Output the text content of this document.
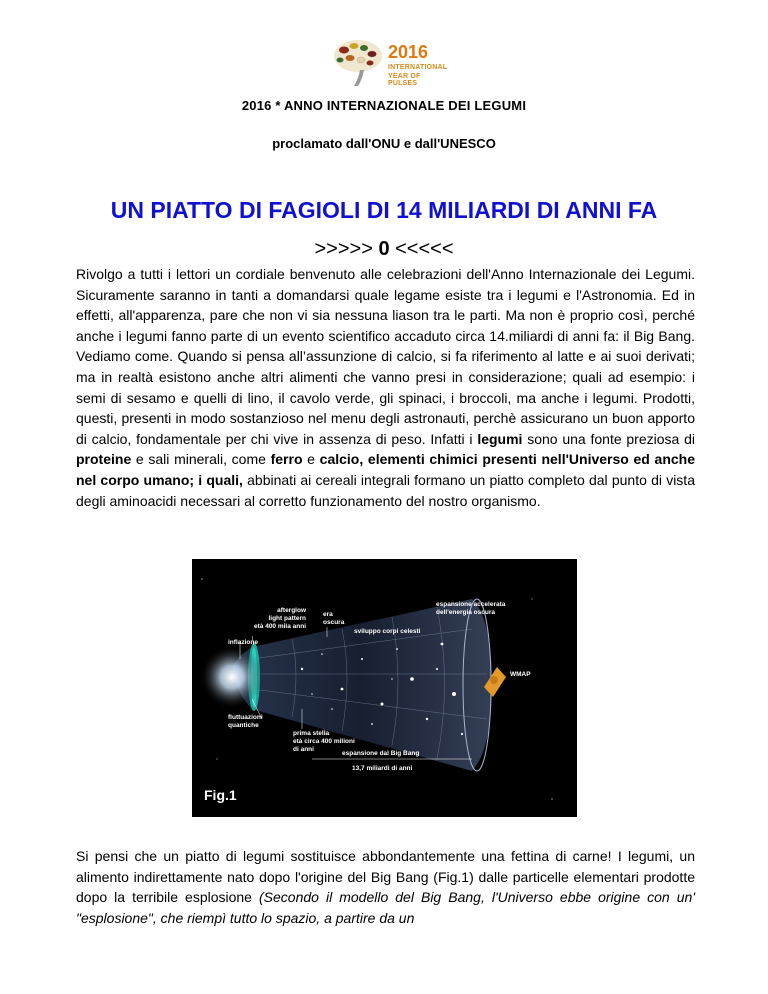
2016
INTERNATIONAL
YEAR OF PULSES
2016 * ANNO INTERNAZIONALE DEI LEGUMI
proclamato dall'ONU e dall'UNESCO
UN PIATTO DI FAGIOLI DI 14 MILIARDI DI ANNI FA
>>>>> 0 <<<<<
Rivolgo a tutti i lettori un cordiale benvenuto alle celebrazioni dell'Anno Internazionale dei Legumi. Sicuramente saranno in tanti a domandarsi quale legame esiste tra i legumi e l'Astronomia. Ed in effetti, all'apparenza, pare che non vi sia nessuna liason tra le parti. Ma non è proprio così, perché anche i legumi fanno parte di un evento scientifico accaduto circa 14.miliardi di anni fa: il Big Bang. Vediamo come. Quando si pensa all’assunzione di calcio, si fa riferimento al latte e ai suoi derivati; ma in realtà esistono anche altri alimenti che vanno presi in considerazione; quali ad esempio: i semi di sesamo e quelli di lino, il cavolo verde, gli spinaci, i broccoli, ma anche i legumi. Prodotti, questi, presenti in modo sostanzioso nel menu degli astronauti, perchè assicurano un buon apporto di calcio, fondamentale per chi vive in assenza di peso. Infatti i legumi sono una fonte preziosa di proteine e sali minerali, come ferro e calcio, elementi chimici presenti nell'Universo ed anche nel corpo umano; i quali, abbinati ai cereali integrali formano un piatto completo dal punto di vista degli aminoacidi necessari al corretto funzionamento del nostro organismo.
afterglow
light pattern
età 400 mila anni
era
oscura
espansione accelerata
dell'energia oscura
sviluppo corpi celesti
inflazione
WMAP
fluttuazioni
quantiche
prima stella
età circa 400 milioni
di anni
espansione dal Big Bang
13,7 miliardi di anni
Fig.1
Si pensi che un piatto di legumi sostituisce abbondantemente una fettina di carne! I legumi, un alimento indirettamente nato dopo l'origine del Big Bang (Fig.1) dalle particelle elementari prodotte dopo la terribile esplosione (Secondo il modello del Big Bang, l'Universo ebbe origine con un' "esplosione", che riempì tutto lo spazio, a partire da un
